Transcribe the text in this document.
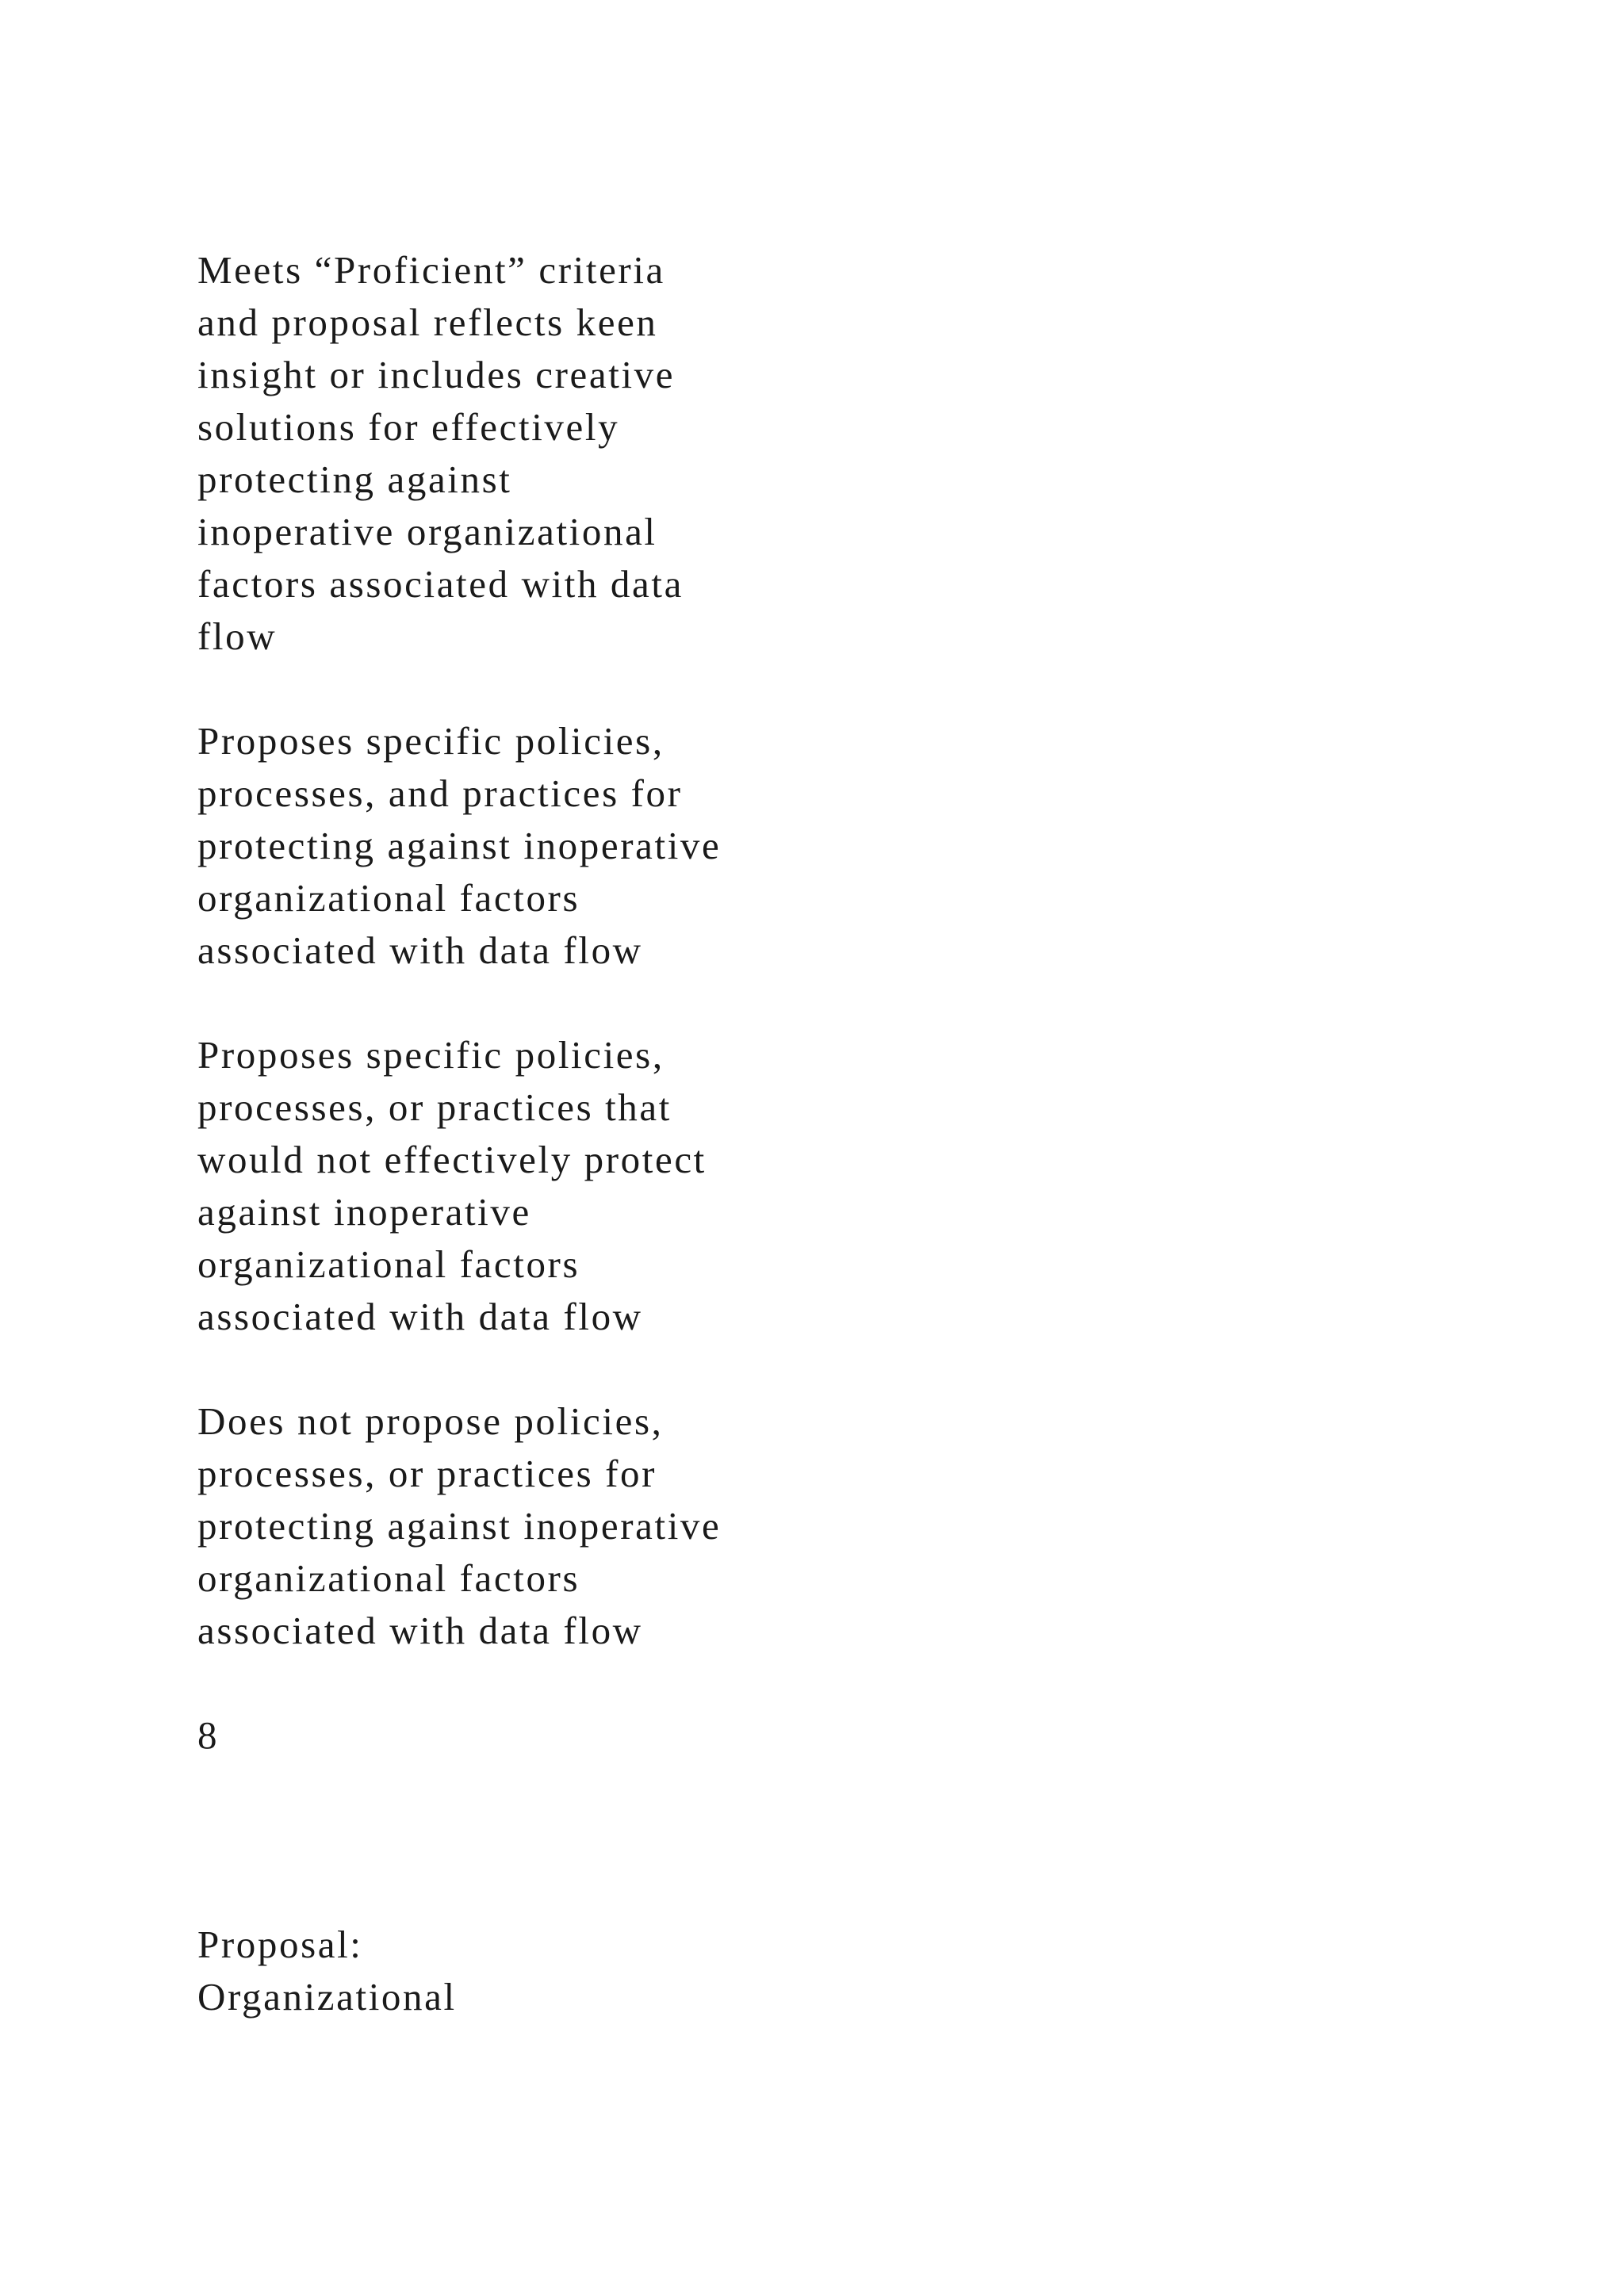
Meets “Proficient” criteria
and proposal reflects keen
insight or includes creative
solutions for effectively
protecting against
inoperative organizational
factors associated with data
flow
Proposes specific policies,
processes, and practices for
protecting against inoperative
organizational factors
associated with data flow
Proposes specific policies,
processes, or practices that
would not effectively protect
against inoperative
organizational factors
associated with data flow
Does not propose policies,
processes, or practices for
protecting against inoperative
organizational factors
associated with data flow
8
Proposal:
Organizational
